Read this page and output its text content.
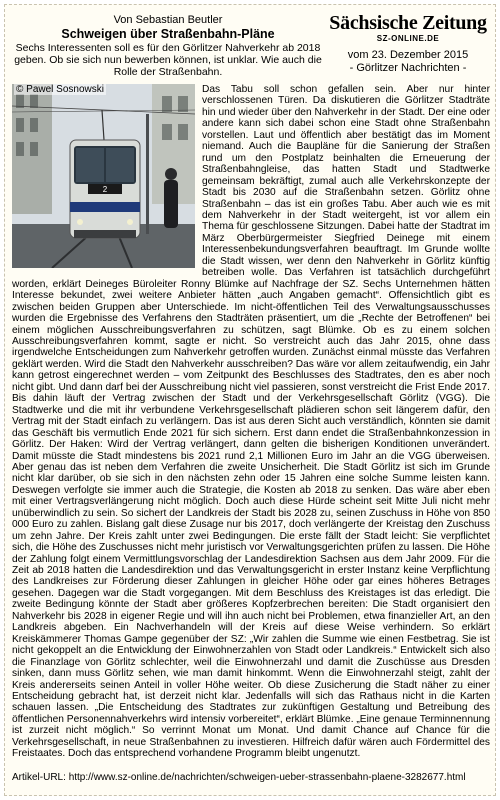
Von Sebastian Beutler
Schweigen über Straßenbahn-Pläne
Sechs Interessenten soll es für den Görlitzer Nahverkehr ab 2018 geben. Ob sie sich nun bewerben können, ist unklar. Wie auch die Rolle der Straßenbahn.
Sächsische Zeitung
SZ-ONLINE.DE
vom 23. Dezember 2015
- Görlitzer Nachrichten -
2
© Pawel Sosnowski	Das Tabu soll schon gefallen sein. Aber nur hinter verschlossenen Türen. Da diskutieren die Görlitzer Stadträte hin und wieder über den Nahverkehr in der Stadt. Der eine oder andere kann sich dabei schon eine Stadt ohne Straßenbahn vorstellen. Laut und öffentlich aber bestätigt das im Moment niemand. Auch die Baupläne für die Sanierung der Straßen rund um den Postplatz beinhalten die Erneuerung der Straßenbahngleise, das hatten Stadt und Stadtwerke gemeinsam bekräftigt, zumal auch alle Verkehrskonzepte der Stadt bis 2030 auf die Straßenbahn setzen. Görlitz ohne Straßenbahn – das ist ein großes Tabu. Aber auch wie es mit dem Nahverkehr in der Stadt weitergeht, ist vor allem ein Thema für geschlossene Sitzungen. Dabei hatte der Stadtrat im März Oberbürgermeister Siegfried Deinege mit einem Interessenbekundungsverfahren beauftragt. Im Grunde wollte die Stadt wissen, wer denn den Nahverkehr in Görlitz künftig betreiben wolle. Das Verfahren ist tatsächlich durchgeführt worden, erklärt Deineges Büroleiter Ronny Blümke auf Nachfrage der SZ. Sechs Unternehmen hätten Interesse bekundet, zwei weitere Anbieter hätten „auch Angaben gemacht“. Offensichtlich gibt es zwischen beiden Gruppen aber Unterschiede. Im nicht-öffentlichen Teil des Verwaltungsausschusses wurden die Ergebnisse des Verfahrens den Stadträten präsentiert, um die „Rechte der Betroffenen“ bei einem möglichen Ausschreibungsverfahren zu schützen, sagt Blümke. Ob es zu einem solchen Ausschreibungsverfahren kommt, sagte er nicht. So verstreicht auch das Jahr 2015, ohne dass irgendwelche Entscheidungen zum Nahverkehr getroffen wurden. Zunächst einmal müsste das Verfahren geklärt werden. Wird die Stadt den Nahverkehr ausschreiben? Das wäre vor allem zeitaufwendig, ein Jahr kann getrost eingerechnet werden – vom Zeitpunkt des Beschlusses des Stadtrates, den es aber noch nicht gibt. Und dann darf bei der Ausschreibung nicht viel passieren, sonst verstreicht die Frist Ende 2017. Bis dahin läuft der Vertrag zwischen der Stadt und der Verkehrsgesellschaft Görlitz (VGG). Die Stadtwerke und die mit ihr verbundene Verkehrsgesellschaft plädieren schon seit längerem dafür, den Vertrag mit der Stadt einfach zu verlängern. Das ist aus deren Sicht auch verständlich, könnten sie damit das Geschäft bis vermutlich Ende 2021 für sich sichern. Erst dann endet die Straßenbahnkonzession in Görlitz. Der Haken: Wird der Vertrag verlängert, dann gelten die bisherigen Konditionen unverändert. Damit müsste die Stadt mindestens bis 2021 rund 2,1 Millionen Euro im Jahr an die VGG überweisen. Aber genau das ist neben dem Verfahren die zweite Unsicherheit. Die Stadt Görlitz ist sich im Grunde nicht klar darüber, ob sie sich in den nächsten zehn oder 15 Jahren eine solche Summe leisten kann. Deswegen verfolgte sie immer auch die Strategie, die Kosten ab 2018 zu senken. Das wäre aber eben mit einer Vertragsverlängerung nicht möglich. Doch auch diese Hürde scheint seit Mitte Juli nicht mehr unüberwindlich zu sein. So sichert der Landkreis der Stadt bis 2028 zu, seinen Zuschuss in Höhe von 850 000 Euro zu zahlen. Bislang galt diese Zusage nur bis 2017, doch verlängerte der Kreistag den Zuschuss um zehn Jahre. Der Kreis zahlt unter zwei Bedingungen. Die erste fällt der Stadt leicht: Sie verpflichtet sich, die Höhe des Zuschusses nicht mehr juristisch vor Verwaltungsgerichten prüfen zu lassen. Die Höhe der Zahlung folgt einem Vermittlungsvorschlag der Landesdirektion Sachsen aus dem Jahr 2009. Für die Zeit ab 2018 hatten die Landesdirektion und das Verwaltungsgericht in erster Instanz keine Verpflichtung des Landkreises zur Förderung dieser Zahlungen in gleicher Höhe oder gar eines höheres Betrages gesehen. Dagegen war die Stadt vorgegangen. Mit dem Beschluss des Kreistages ist das erledigt. Die zweite Bedingung könnte der Stadt aber größeres Kopfzerbrechen bereiten: Die Stadt organisiert den Nahverkehr bis 2028 in eigener Regie und will ihn auch nicht bei Problemen, etwa finanzieller Art, an den Landkreis abgeben. Ein Nachverhandeln will der Kreis auf diese Weise verhindern. So erklärt Kreiskämmerer Thomas Gampe gegenüber der SZ: „Wir zahlen die Summe wie einen Festbetrag. Sie ist nicht gekoppelt an die Entwicklung der Einwohnerzahlen von Stadt oder Landkreis.“ Entwickelt sich also die Finanzlage von Görlitz schlechter, weil die Einwohnerzahl und damit die Zuschüsse aus Dresden sinken, dann muss Görlitz sehen, wie man damit hinkommt. Wenn die Einwohnerzahl steigt, zahlt der Kreis andererseits seinen Anteil in voller Höhe weiter. Ob diese Zusicherung die Stadt näher zu einer Entscheidung gebracht hat, ist derzeit nicht klar. Jedenfalls will sich das Rathaus nicht in die Karten schauen lassen. „Die Entscheidung des Stadtrates zur zukünftigen Gestaltung und Betreibung des öffentlichen Personennahverkehrs wird intensiv vorbereitet“, erklärt Blümke. „Eine genaue Terminnennung ist zurzeit nicht möglich.“ So verrinnt Monat um Monat. Und damit Chance auf Chance für die Verkehrsgesellschaft, in neue Straßenbahnen zu investieren. Hilfreich dafür wären auch Fördermittel des Freistaates. Doch das entsprechend vorhandene Programm bleibt ungenutzt.

Artikel-URL: http://www.sz-online.de/nachrichten/schweigen-ueber-strassenbahn-plaene-3282677.html
